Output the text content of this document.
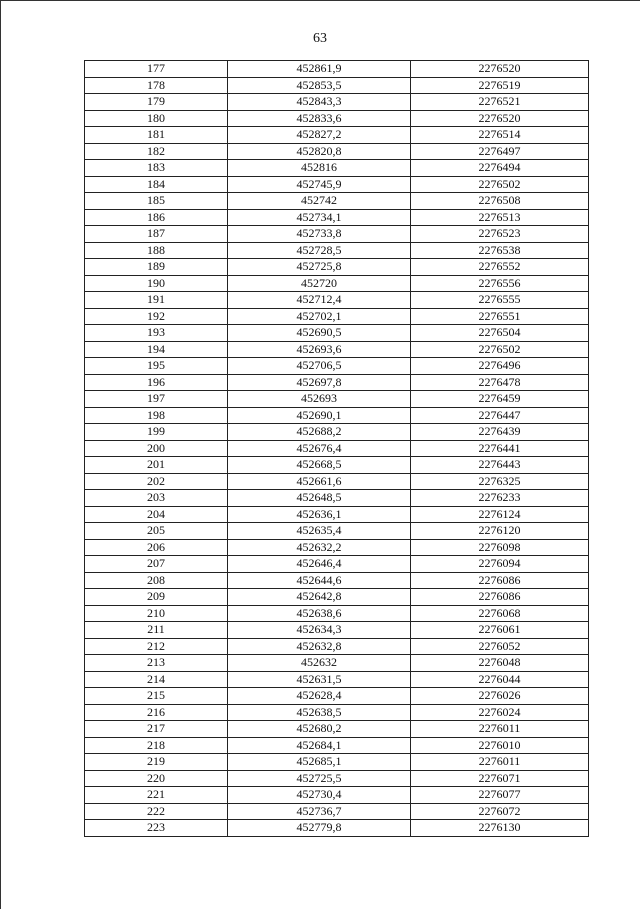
63
177	452861,9	2276520
178	452853,5	2276519
179	452843,3	2276521
180	452833,6	2276520
181	452827,2	2276514
182	452820,8	2276497
183	452816	2276494
184	452745,9	2276502
185	452742	2276508
186	452734,1	2276513
187	452733,8	2276523
188	452728,5	2276538
189	452725,8	2276552
190	452720	2276556
191	452712,4	2276555
192	452702,1	2276551
193	452690,5	2276504
194	452693,6	2276502
195	452706,5	2276496
196	452697,8	2276478
197	452693	2276459
198	452690,1	2276447
199	452688,2	2276439
200	452676,4	2276441
201	452668,5	2276443
202	452661,6	2276325
203	452648,5	2276233
204	452636,1	2276124
205	452635,4	2276120
206	452632,2	2276098
207	452646,4	2276094
208	452644,6	2276086
209	452642,8	2276086
210	452638,6	2276068
211	452634,3	2276061
212	452632,8	2276052
213	452632	2276048
214	452631,5	2276044
215	452628,4	2276026
216	452638,5	2276024
217	452680,2	2276011
218	452684,1	2276010
219	452685,1	2276011
220	452725,5	2276071
221	452730,4	2276077
222	452736,7	2276072
223	452779,8	2276130
